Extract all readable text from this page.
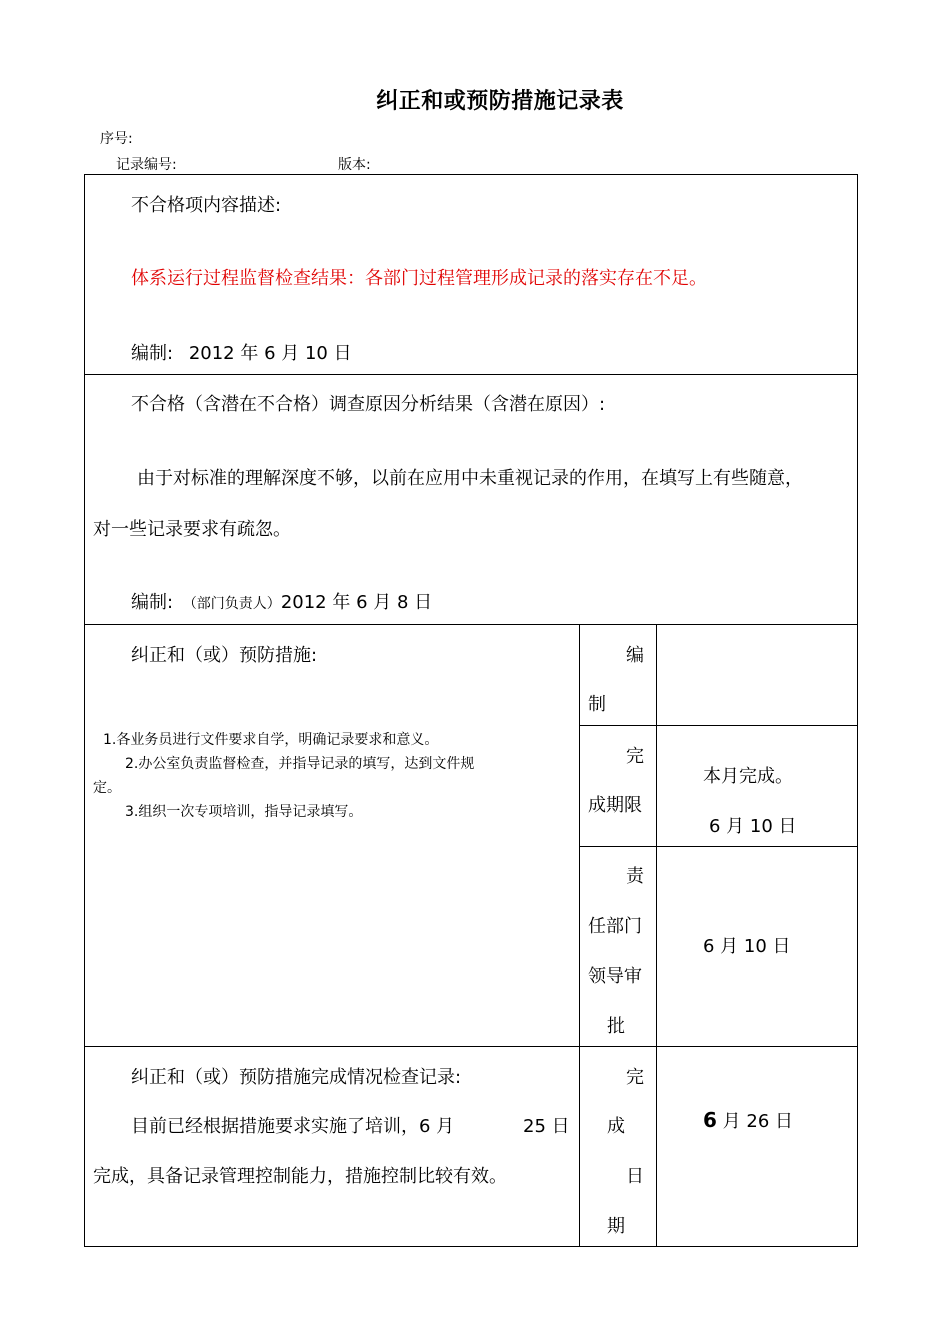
纠正和或预防措施记录表
序号:
记录编号:	版本:
不合格项内容描述:
体系运行过程监督检查结果：各部门过程管理形成记录的落实存在不足。
编制: 2012 年 6 月 10 日
不合格（含潜在不合格）调查原因分析结果（含潜在原因）:
由于对标准的理解深度不够，以前在应用中未重视记录的作用，在填写上有些随意，
对一些记录要求有疏忽。
编制: （部门负责人）2012 年 6 月 8 日
纠正和（或）预防措施:
1.各业务员进行文件要求自学，明确记录要求和意义。
2.办公室负责监督检查，并指导记录的填写，达到文件规
定。
3.组织一次专项培训，指导记录填写。
编
制
完
成期限
本月完成。
6 月 10 日
责
任部门
领导审
批
6 月 10 日
纠正和（或）预防措施完成情况检查记录:
目前已经根据措施要求实施了培训，6 月	25 日
完成，具备记录管理控制能力，措施控制比较有效。
完
成
日
期
6 月 26 日
